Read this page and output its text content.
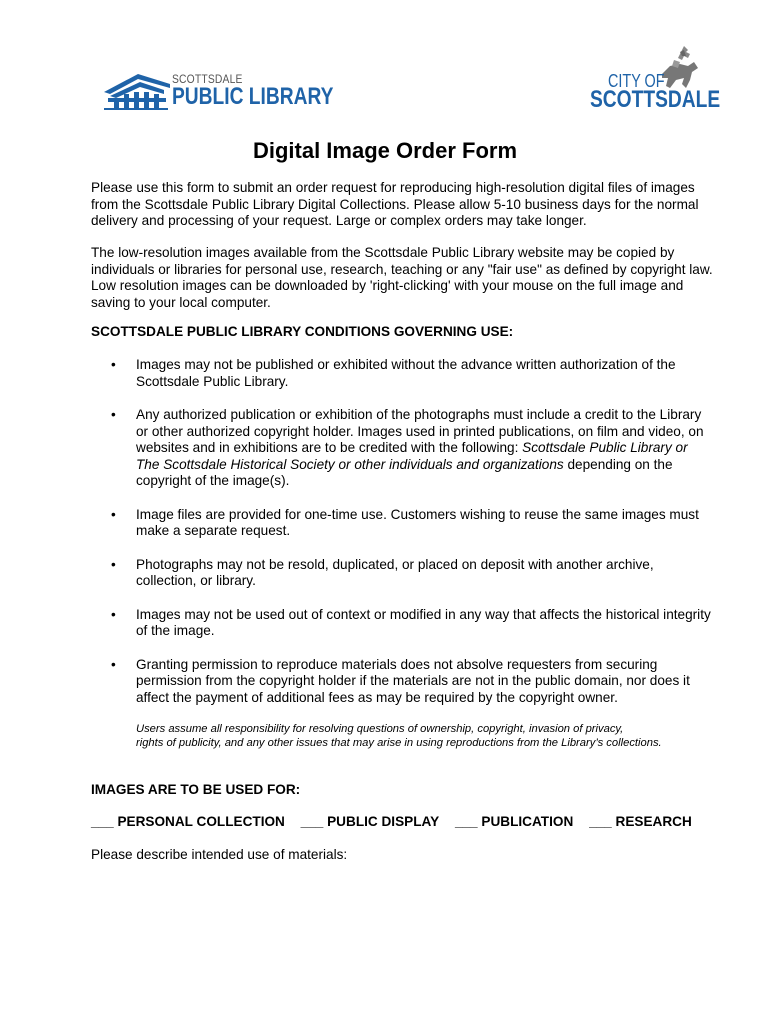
SCOTTSDALE
PUBLIC LIBRARY
CITY OF
SCOTTSDALE
Digital Image Order Form

Please use this form to submit an order request for reproducing high-resolution digital files of images from the Scottsdale Public Library Digital Collections. Please allow 5-10 business days for the normal delivery and processing of your request. Large or complex orders may take longer.

The low-resolution images available from the Scottsdale Public Library website may be copied by individuals or libraries for personal use, research, teaching or any "fair use" as defined by copyright law. Low resolution images can be downloaded by 'right-clicking' with your mouse on the full image and saving to your local computer.

SCOTTSDALE PUBLIC LIBRARY CONDITIONS GOVERNING USE:
• Images may not be published or exhibited without the advance written authorization of the Scottsdale Public Library.
• Any authorized publication or exhibition of the photographs must include a credit to the Library or other authorized copyright holder. Images used in printed publications, on film and video, on websites and in exhibitions are to be credited with the following: Scottsdale Public Library or The Scottsdale Historical Society or other individuals and organizations depending on the copyright of the image(s).
• Image files are provided for one-time use. Customers wishing to reuse the same images must make a separate request.
• Photographs may not be resold, duplicated, or placed on deposit with another archive, collection, or library.
• Images may not be used out of context or modified in any way that affects the historical integrity of the image.
• Granting permission to reproduce materials does not absolve requesters from securing permission from the copyright holder if the materials are not in the public domain, nor does it affect the payment of additional fees as may be required by the copyright owner.
Users assume all responsibility for resolving questions of ownership, copyright, invasion of privacy,
rights of publicity, and any other issues that may arise in using reproductions from the Library’s collections.
IMAGES ARE TO BE USED FOR:
___ PERSONAL COLLECTION ___ PUBLIC DISPLAY ___ PUBLICATION ___ RESEARCH
Please describe intended use of materials:
